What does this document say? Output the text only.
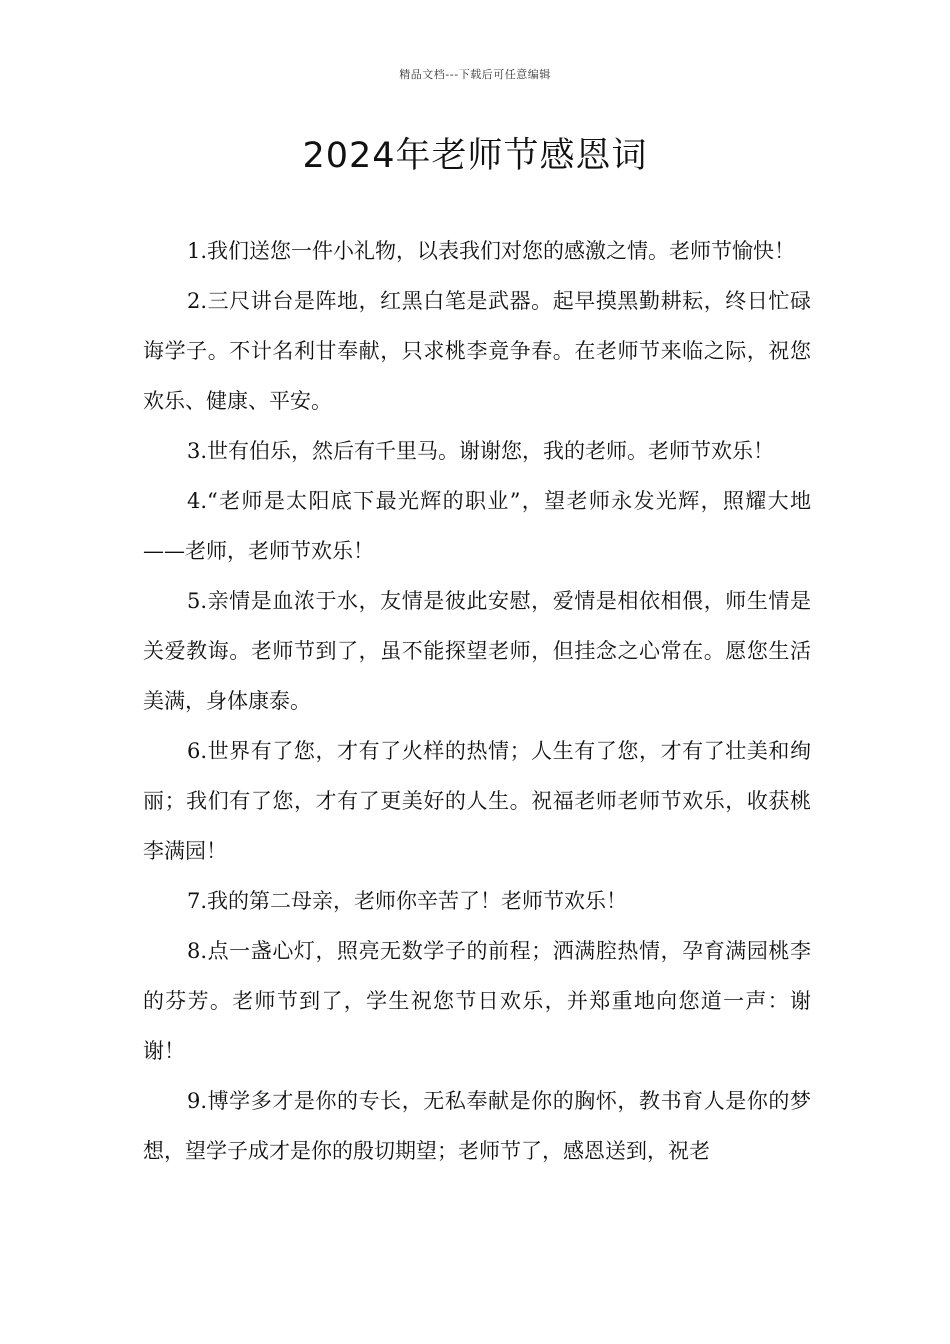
精品文档---下载后可任意编辑
2024年老师节感恩词

1.我们送您一件小礼物，以表我们对您的感激之情。老师节愉快！

2.三尺讲台是阵地，红黑白笔是武器。起早摸黑勤耕耘，终日忙碌诲学子。不计名利甘奉献，只求桃李竟争春。在老师节来临之际，祝您欢乐、健康、平安。

3.世有伯乐，然后有千里马。谢谢您，我的老师。老师节欢乐！

4.“老师是太阳底下最光辉的职业”，望老师永发光辉，照耀大地——老师，老师节欢乐！

5.亲情是血浓于水，友情是彼此安慰，爱情是相依相偎，师生情是关爱教诲。老师节到了，虽不能探望老师，但挂念之心常在。愿您生活美满，身体康泰。

6.世界有了您，才有了火样的热情；人生有了您，才有了壮美和绚丽；我们有了您，才有了更美好的人生。祝福老师老师节欢乐，收获桃李满园！

7.我的第二母亲，老师你辛苦了！老师节欢乐！

8.点一盏心灯，照亮无数学子的前程；洒满腔热情，孕育满园桃李的芬芳。老师节到了，学生祝您节日欢乐，并郑重地向您道一声：谢谢！

9.博学多才是你的专长，无私奉献是你的胸怀，教书育人是你的梦想，望学子成才是你的殷切期望；老师节了，感恩送到，祝老
